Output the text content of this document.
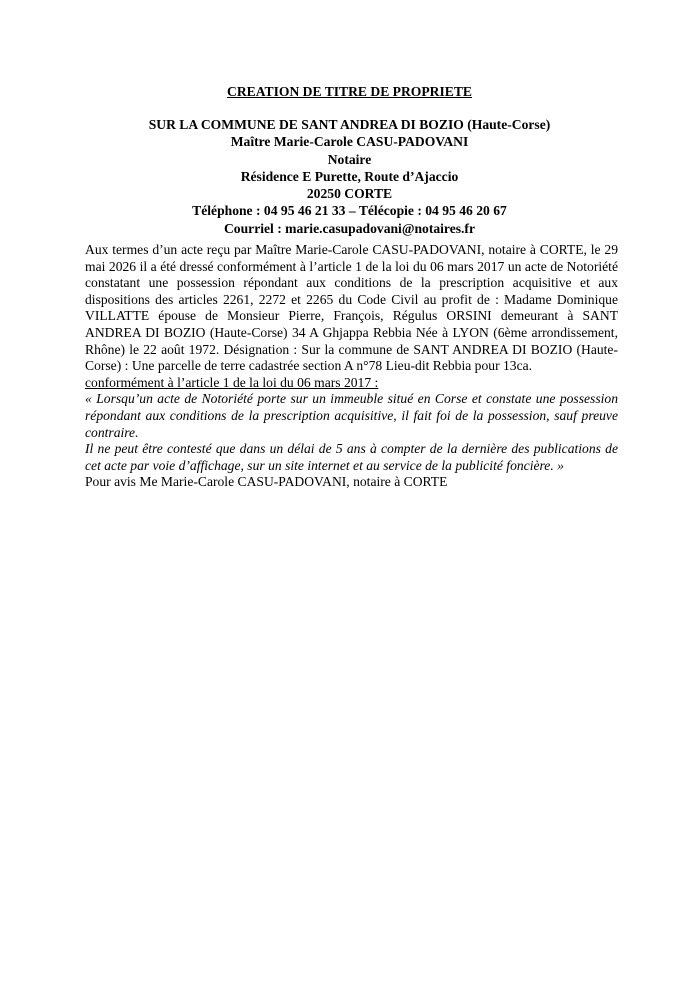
CREATION DE TITRE DE PROPRIETE
SUR LA COMMUNE DE SANT ANDREA DI BOZIO (Haute-Corse)
Maître Marie-Carole CASU-PADOVANI
Notaire
Résidence E Purette, Route d’Ajaccio
20250 CORTE
Téléphone : 04 95 46 21 33 – Télécopie : 04 95 46 20 67
Courriel : marie.casupadovani@notaires.fr

Aux termes d’un acte reçu par Maître Marie-Carole CASU-PADOVANI, notaire à CORTE, le 29 mai 2026 il a été dressé conformément à l’article 1 de la loi du 06 mars 2017 un acte de Notoriété constatant une possession répondant aux conditions de la prescription acquisitive et aux dispositions des articles 2261, 2272 et 2265 du Code Civil au profit de : Madame Dominique VILLATTE épouse de Monsieur Pierre, François, Régulus ORSINI demeurant à SANT ANDREA DI BOZIO (Haute-Corse) 34 A Ghjappa Rebbia Née à LYON (6ème arrondissement, Rhône) le 22 août 1972. Désignation : Sur la commune de SANT ANDREA DI BOZIO (Haute-Corse) : Une parcelle de terre cadastrée section A n°78 Lieu-dit Rebbia pour 13ca.

conformément à l’article 1 de la loi du 06 mars 2017 :

« Lorsqu’un acte de Notoriété porte sur un immeuble situé en Corse et constate une possession répondant aux conditions de la prescription acquisitive, il fait foi de la possession, sauf preuve contraire.

Il ne peut être contesté que dans un délai de 5 ans à compter de la dernière des publications de cet acte par voie d’affichage, sur un site internet et au service de la publicité foncière. »

Pour avis Me Marie-Carole CASU-PADOVANI, notaire à CORTE
